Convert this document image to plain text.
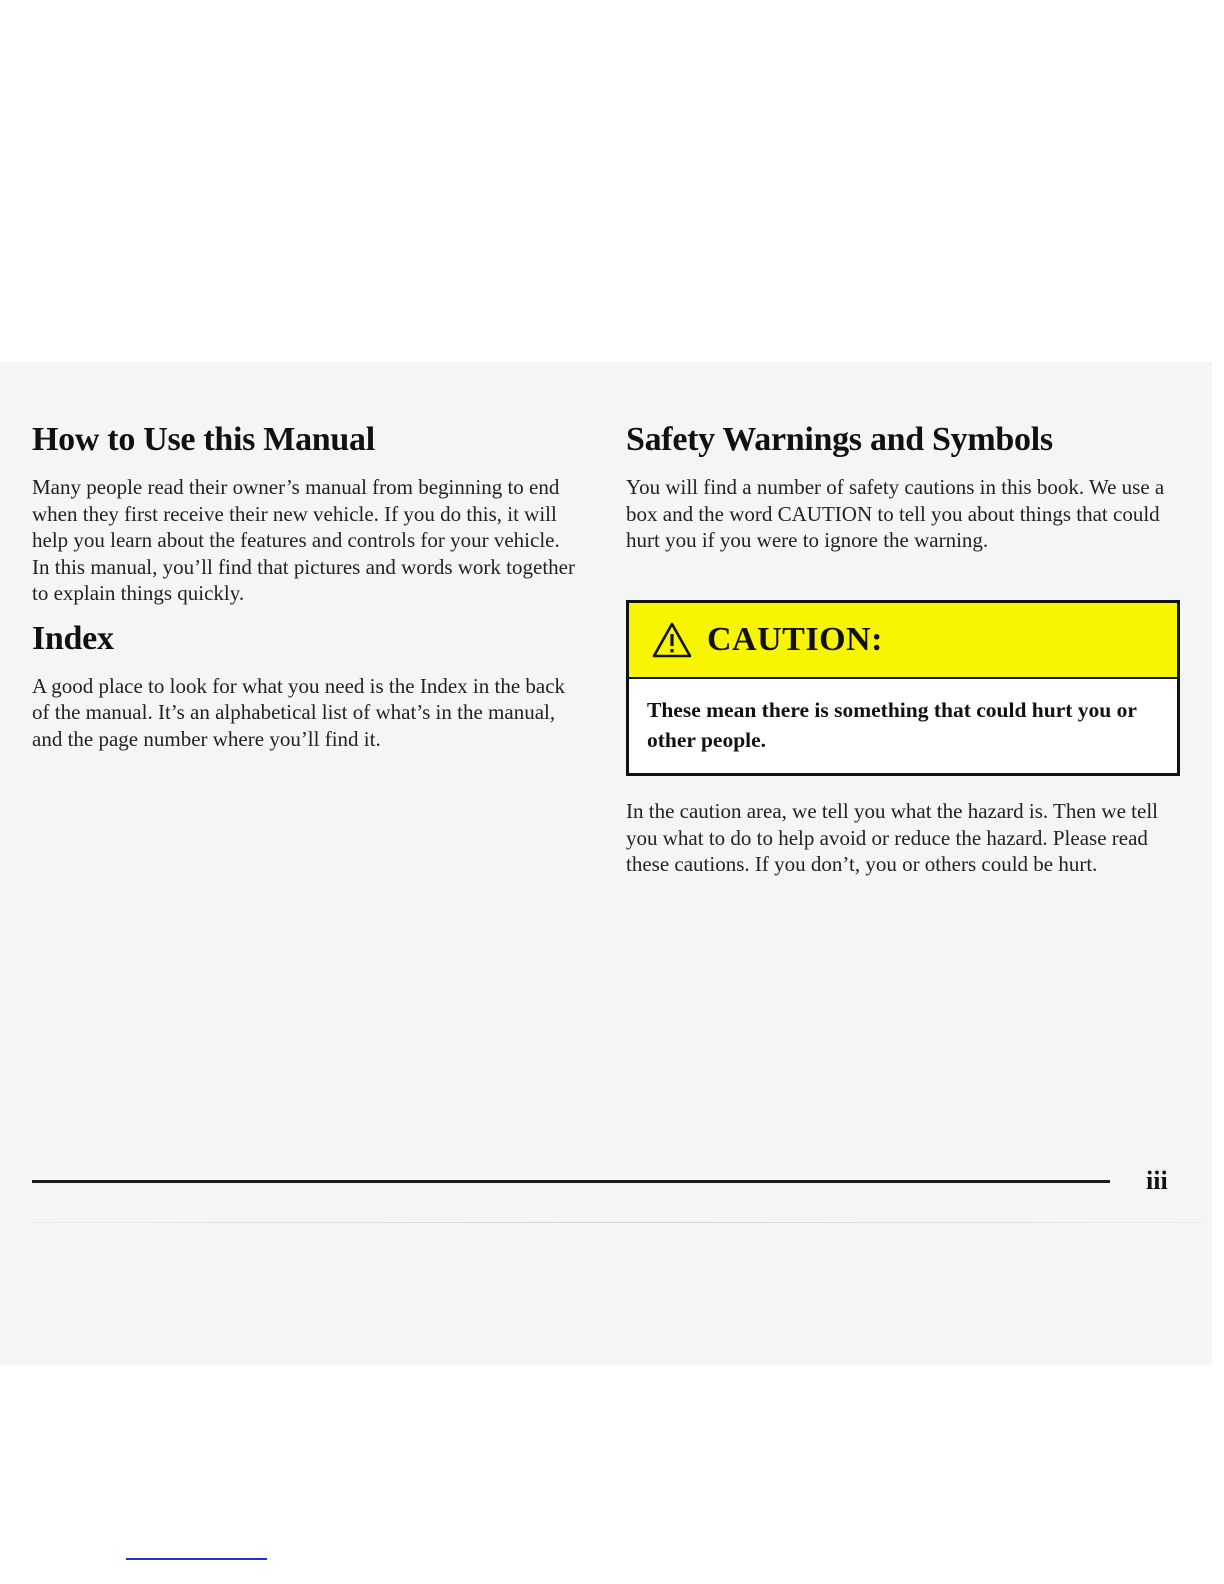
How to Use this Manual

Many people read their owner’s manual from beginning to end when they first receive their new vehicle. If you do this, it will help you learn about the features and controls for your vehicle. In this manual, you’ll find that pictures and words work together to explain things quickly.

Index

A good place to look for what you need is the Index in the back of the manual. It’s an alphabetical list of what’s in the manual, and the page number where you’ll find it.

Safety Warnings and Symbols

You will find a number of safety cautions in this book. We use a box and the word CAUTION to tell you about things that could hurt you if you were to ignore the warning.

CAUTION:
These mean there is something that could hurt you or other people.

In the caution area, we tell you what the hazard is. Then we tell you what to do to help avoid or reduce the hazard. Please read these cautions. If you don’t, you or others could be hurt.

iii
